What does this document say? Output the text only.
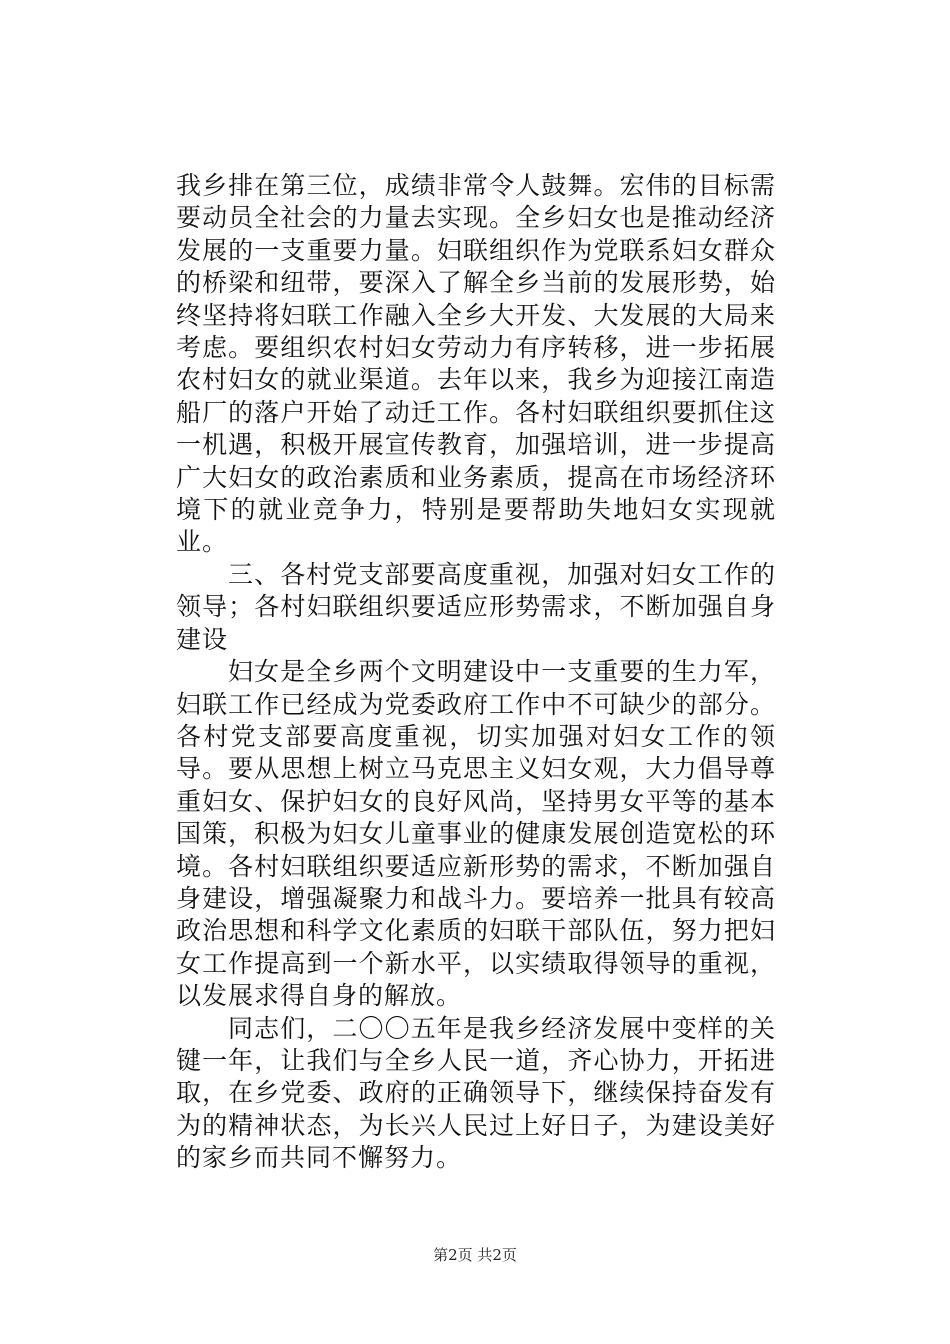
我乡排在第三位，成绩非常令人鼓舞。宏伟的目标需要动员全社会的力量去实现。全乡妇女也是推动经济发展的一支重要力量。妇联组织作为党联系妇女群众的桥梁和纽带，要深入了解全乡当前的发展形势，始终坚持将妇联工作融入全乡大开发、大发展的大局来考虑。要组织农村妇女劳动力有序转移，进一步拓展农村妇女的就业渠道。去年以来，我乡为迎接江南造船厂的落户开始了动迁工作。各村妇联组织要抓住这一机遇，积极开展宣传教育，加强培训，进一步提高广大妇女的政治素质和业务素质，提高在市场经济环境下的就业竞争力，特别是要帮助失地妇女实现就业。

三、各村党支部要高度重视，加强对妇女工作的领导；各村妇联组织要适应形势需求，不断加强自身建设

妇女是全乡两个文明建设中一支重要的生力军，妇联工作已经成为党委政府工作中不可缺少的部分。各村党支部要高度重视，切实加强对妇女工作的领导。要从思想上树立马克思主义妇女观，大力倡导尊重妇女、保护妇女的良好风尚，坚持男女平等的基本国策，积极为妇女儿童事业的健康发展创造宽松的环境。各村妇联组织要适应新形势的需求，不断加强自身建设，增强凝聚力和战斗力。要培养一批具有较高政治思想和科学文化素质的妇联干部队伍，努力把妇女工作提高到一个新水平，以实绩取得领导的重视，以发展求得自身的解放。

同志们，二〇〇五年是我乡经济发展中变样的关键一年，让我们与全乡人民一道，齐心协力，开拓进取，在乡党委、政府的正确领导下，继续保持奋发有为的精神状态，为长兴人民过上好日子，为建设美好的家乡而共同不懈努力。

第2页 共2页
